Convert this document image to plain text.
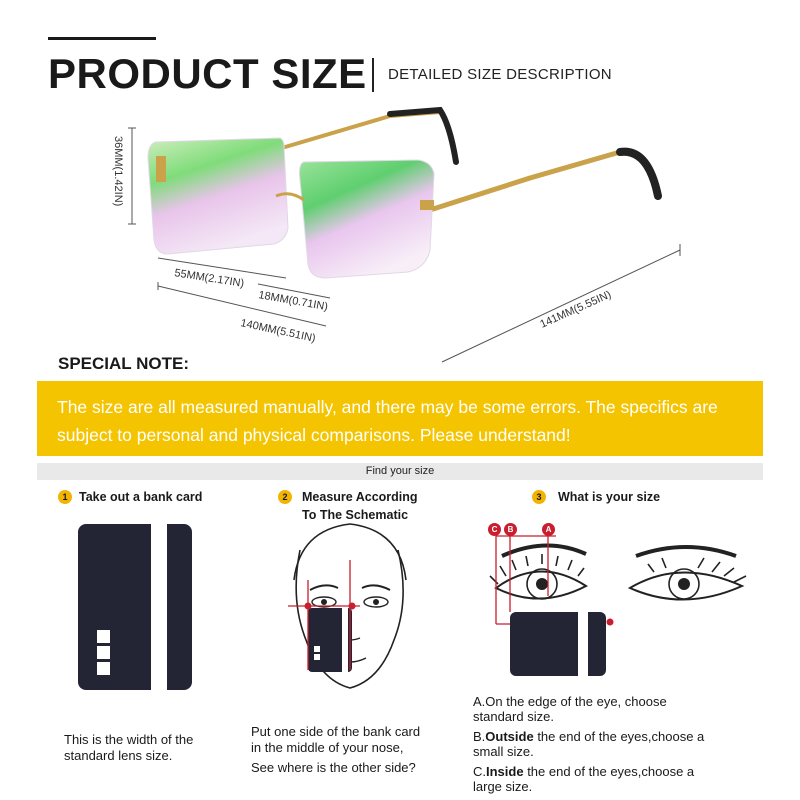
PRODUCT SIZE DETAILED SIZE DESCRIPTION
36MM(1.42IN)
55MM(2.17IN)
18MM(0.71IN)
140MM(5.51IN)
141MM(5.55IN)
SPECIAL NOTE:
The size are all measured manually, and there may be some errors. The specifics are
subject to personal and physical comparisons. Please understand!
Find your size
1 Take out a bank card
This is the width of the
standard lens size.
2	Measure According
To The Schematic
Put one side of the bank card
in the middle of your nose,
See where is the other side?
3	What is your size
C	B	A

A.On the edge of the eye, choose
standard size.

B.Outside the end of the eyes,choose a
small size.

C.Inside the end of the eyes,choose a
large size.
